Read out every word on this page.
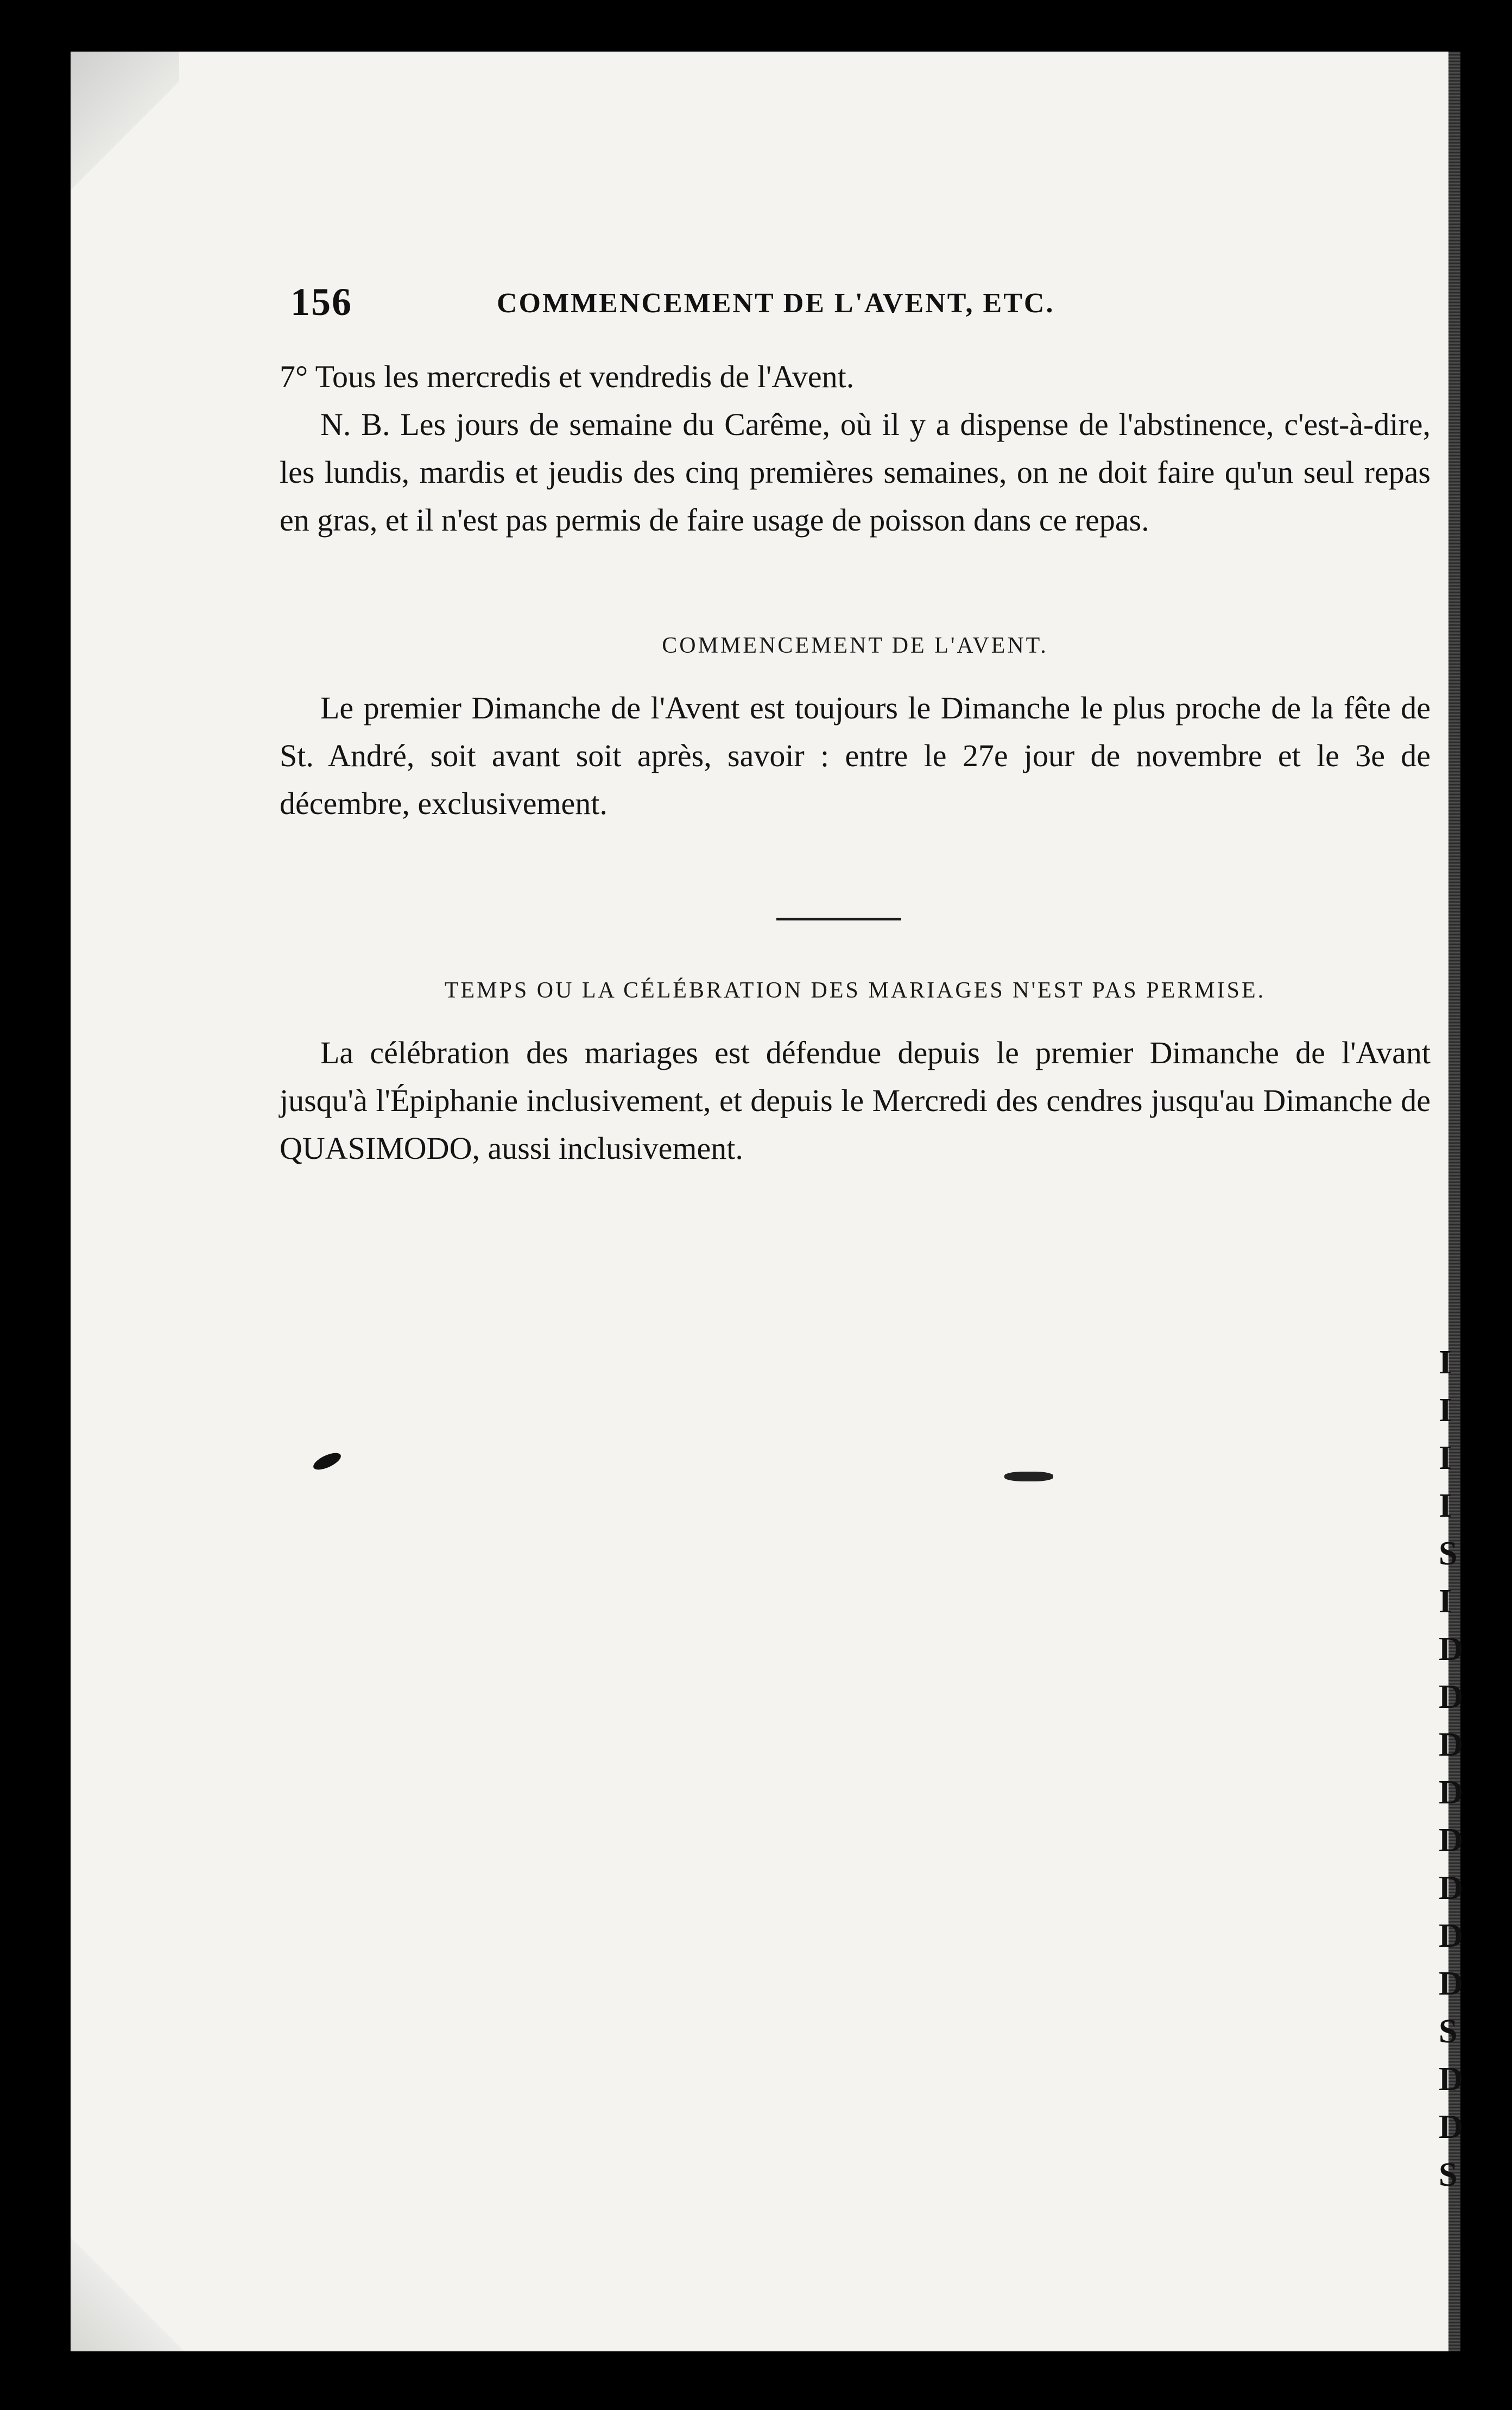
156	COMMENCEMENT DE L'AVENT, ETC.

7° Tous les mercredis et vendredis de l'Avent.

N. B. Les jours de semaine du Carême, où il y a dispense de l'abstinence, c'est-à-dire, les lundis, mardis et jeudis des cinq premières semaines, on ne doit faire qu'un seul repas en gras, et il n'est pas permis de faire usage de poisson dans ce repas.

COMMENCEMENT DE L'AVENT.

Le premier Dimanche de l'Avent est toujours le Dimanche le plus proche de la fête de St. André, soit avant soit après, savoir : entre le 27e jour de novembre et le 3e de décembre, exclusivement.

TEMPS OU LA CÉLÉBRATION DES MARIAGES N'EST PAS PERMISE.

La célébration des mariages est défendue depuis le premier Dimanche de l'Avant jusqu'à l'Épiphanie inclusivement, et depuis le Mercredi des cendres jusqu'au Dimanche de QUASIMODO, aussi inclusivement.

I
I
I
I
S
I
D
D
D
D
D
D
D
D
S
D
D
S
